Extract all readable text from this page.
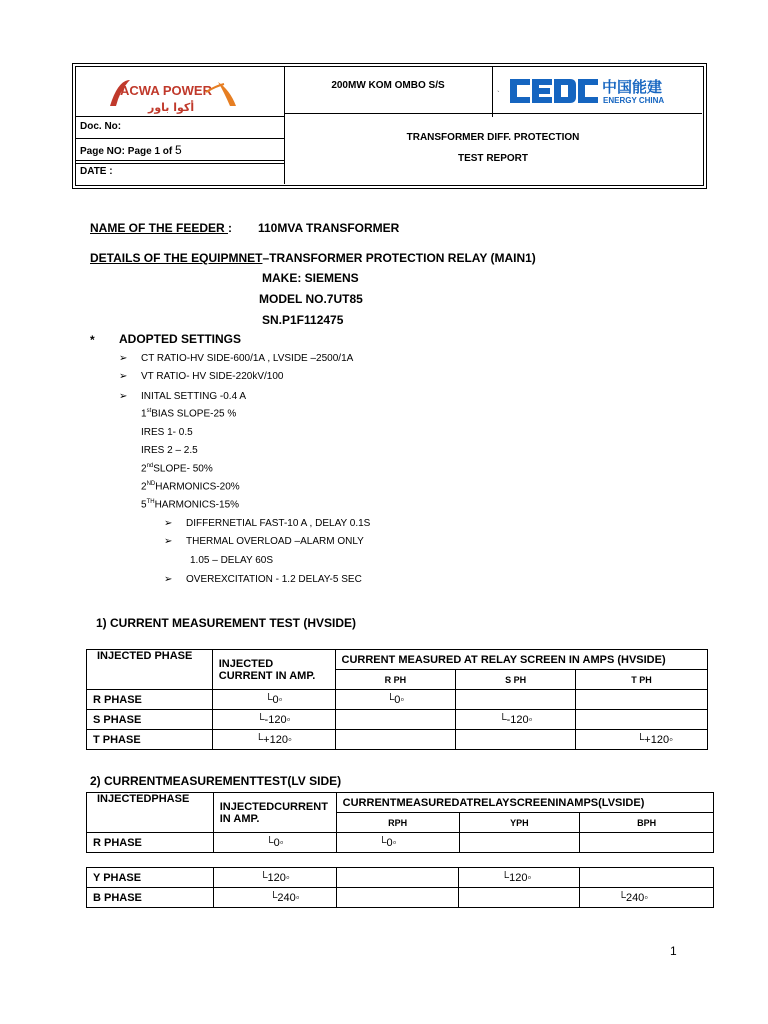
ACWA POWER
أكوا باور
200MW KOM OMBO S/S
`	中国能建
ENERGY CHINA
Doc. No:
Page NO: Page 1 of 5
DATE :
TRANSFORMER DIFF. PROTECTION
TEST REPORT
NAME OF THE FEEDER : 110MVA TRANSFORMER
DETAILS OF THE EQUIPMNET–TRANSFORMER PROTECTION RELAY (MAIN1)
MAKE: SIEMENS
MODEL NO.7UT85
SN.P1F112475
* ADOPTED SETTINGS
➢ CT RATIO-HV SIDE-600/1A , LVSIDE –2500/1A
➢ VT RATIO- HV SIDE-220kV/100
➢ INITAL SETTING -0.4 A
1stBIAS SLOPE-25 %
IRES 1- 0.5
IRES 2 – 2.5
2ndSLOPE- 50%
2NDHARMONICS-20%
5THHARMONICS-15%
➢ DIFFERNETIAL FAST-10 A , DELAY 0.1S
➢ THERMAL OVERLOAD –ALARM ONLY
1.05 – DELAY 60S
➢ OVEREXCITATION - 1.2 DELAY-5 SEC
1) CURRENT MEASUREMENT TEST (HVSIDE)
INJECTED PHASE	INJECTED
CURRENT IN AMP.	CURRENT MEASURED AT RELAY SCREEN IN AMPS (HVSIDE)		
		R PH	S PH	T PH
R PHASE	└0◦	└0◦		
S PHASE	└-120◦		└-120◦	
T PHASE	└+120◦			└+120◦
2) CURRENTMEASUREMENTTEST(LV SIDE)
INJECTEDPHASE	INJECTEDCURRENT
IN AMP.	CURRENTMEASUREDATRELAYSCREENINAMPS(LVSIDE)		
		RPH	YPH	BPH
R PHASE	└0◦	└0◦		
Y PHASE	└120◦		└120◦	
B PHASE	└240◦			└240◦
1
